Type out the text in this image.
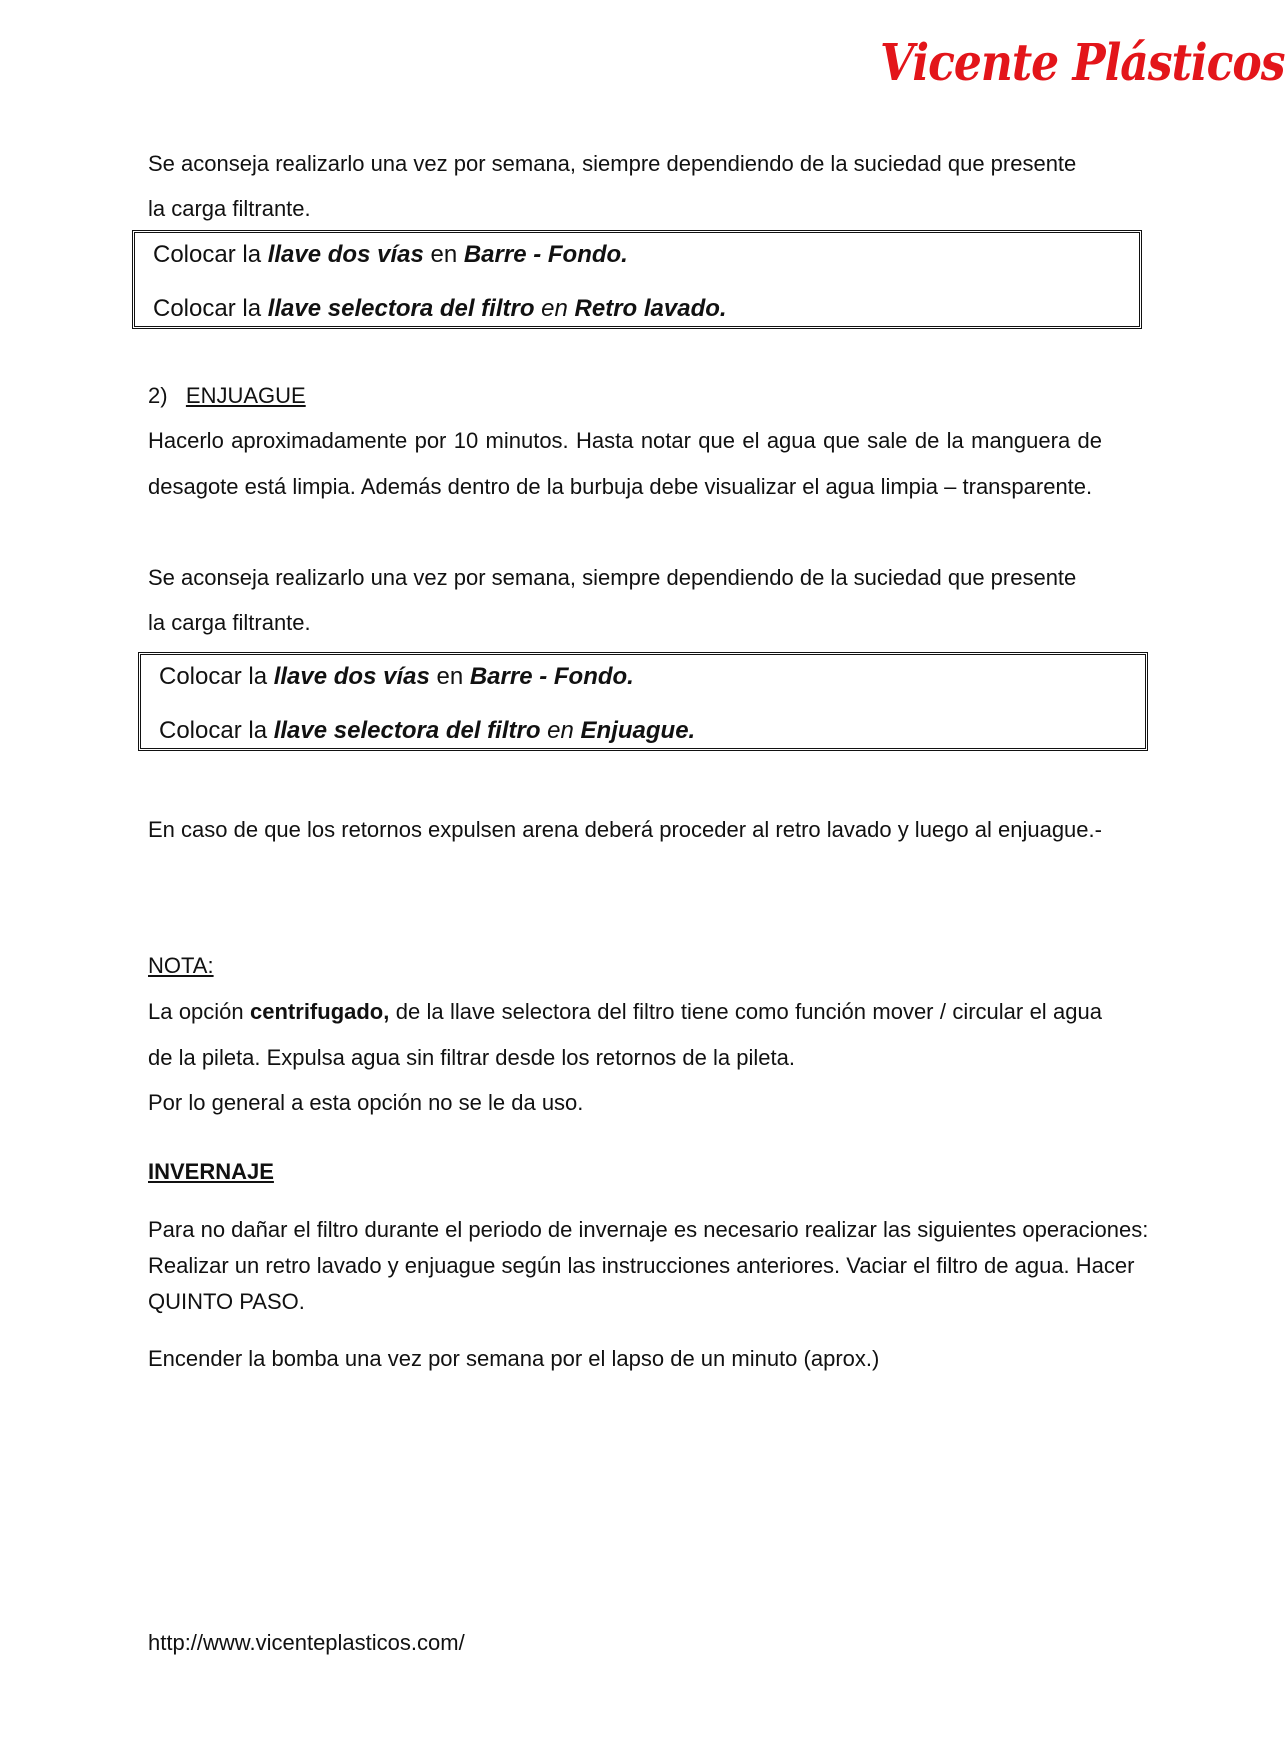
Vicente Plásticos

Se aconseja realizarlo una vez por semana, siempre dependiendo de la suciedad que presente

la carga filtrante.

Colocar la llave dos vías en Barre - Fondo.
Colocar la llave selectora del filtro en Retro lavado.

2) ENJUAGUE

Hacerlo aproximadamente por 10 minutos. Hasta notar que el agua que sale de la manguera de desagote está limpia. Además dentro de la burbuja debe visualizar el agua limpia – transparente.

Se aconseja realizarlo una vez por semana, siempre dependiendo de la suciedad que presente

la carga filtrante.

Colocar la llave dos vías en Barre - Fondo.
Colocar la llave selectora del filtro en Enjuague.

En caso de que los retornos expulsen arena deberá proceder al retro lavado y luego al enjuague.-

NOTA:

La opción centrifugado, de la llave selectora del filtro tiene como función mover / circular el agua de la pileta. Expulsa agua sin filtrar desde los retornos de la pileta.

Por lo general a esta opción no se le da uso.

INVERNAJE

Para no dañar el filtro durante el periodo de invernaje es necesario realizar las siguientes operaciones: Realizar un retro lavado y enjuague según las instrucciones anteriores. Vaciar el filtro de agua. Hacer QUINTO PASO.

Encender la bomba una vez por semana por el lapso de un minuto (aprox.)

http://www.vicenteplasticos.com/
